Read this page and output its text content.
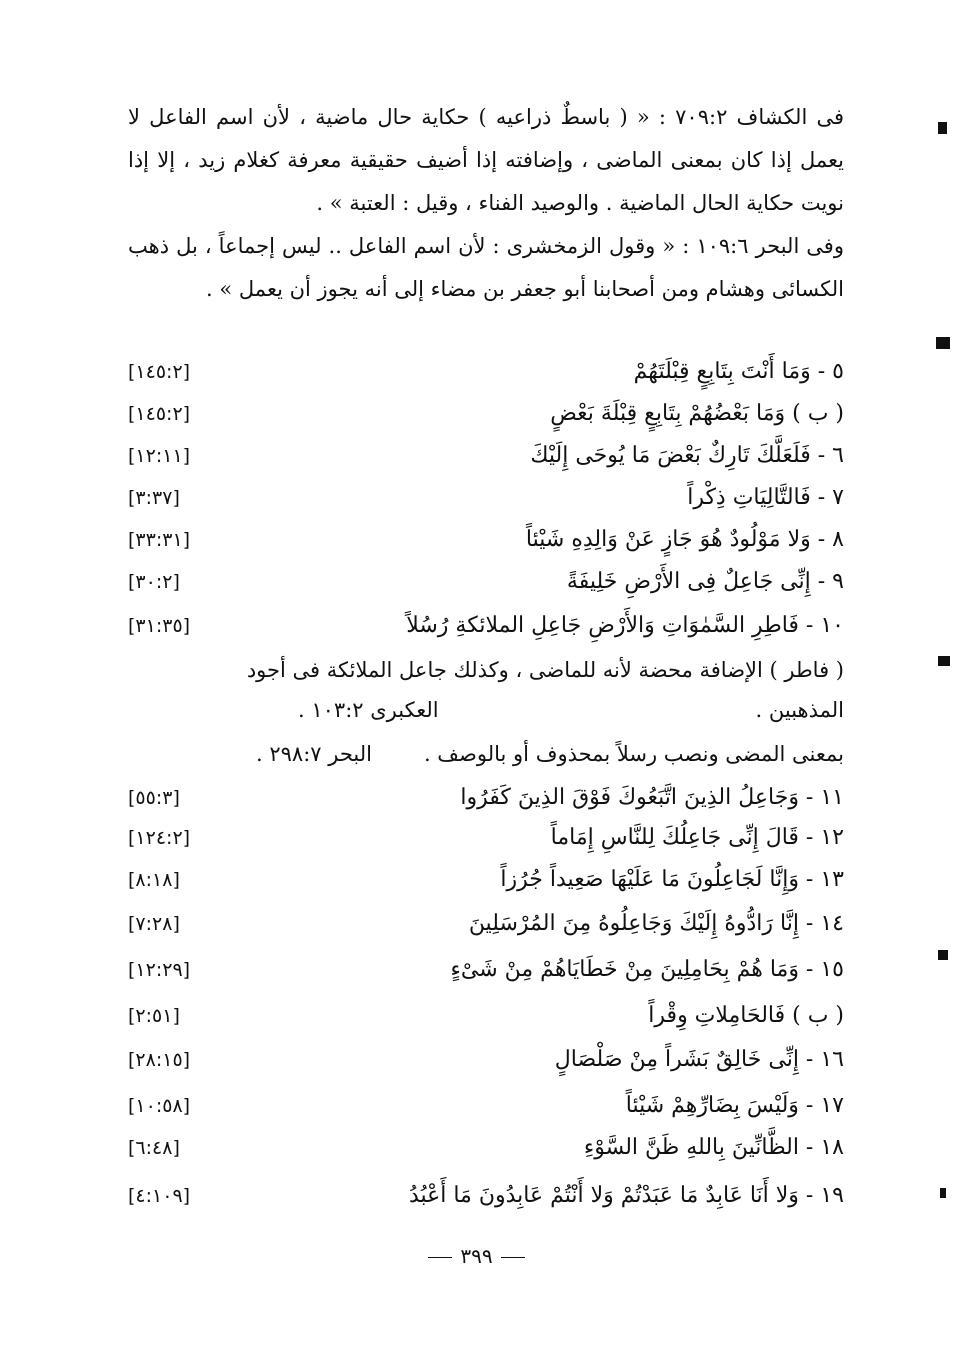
فى الكشاف ٧٠٩:٢ : « ( باسطٌ ذراعيه ) حكاية حال ماضية ، لأن اسم الفاعل لا يعمل إذا كان بمعنى الماضى ، وإضافته إذا أضيف حقيقية معرفة كغلام زيد ، إلا إذا نويت حكاية الحال الماضية . والوصيد الفناء ، وقيل : العتبة » .
وفى البحر ١٠٩:٦ : « وقول الزمخشرى : لأن اسم الفاعل .. ليس إجماعاً ، بل ذهب الكسائى وهشام ومن أصحابنا أبو جعفر بن مضاء إلى أنه يجوز أن يعمل » .
٥ - وَمَا أَنْتَ بِتَابِعٍ قِبْلَتَهُمْ
[١٤٥:٢]
( ب ) وَمَا بَعْضُهُمْ بِتَابِعٍ قِبْلَةَ بَعْضٍ
[١٤٥:٢]
٦ - فَلَعَلَّكَ تَارِكٌ بَعْضَ مَا يُوحَى إِلَيْكَ
[١٢:١١]
٧ - فَالتَّالِيَاتِ ذِكْراً
[٣:٣٧]
٨ - وَلا مَوْلُودٌ هُوَ جَازٍ عَنْ وَالِدِهِ شَيْئاً
[٣٣:٣١]
٩ - إِنِّى جَاعِلٌ فِى الأَرْضِ خَلِيفَةً
[٣٠:٢]
١٠ - فَاطِرِ السَّمٰوَاتِ وَالأَرْضِ جَاعِلِ الملائكةِ رُسُلاً
[٣١:٣٥]
( فاطر ) الإضافة محضة لأنه للماضى ، وكذلك جاعل الملائكة فى أجود
المذهبين .
العكبرى ١٠٣:٢ .
بمعنى المضى ونصب رسلاً بمحذوف أو بالوصف .
البحر ٢٩٨:٧ .
١١ - وَجَاعِلُ الذِينَ اتَّبَعُوكَ فَوْقَ الذِينَ كَفَرُوا
[٥٥:٣]
١٢ - قَالَ إِنِّى جَاعِلُكَ لِلنَّاسِ إِمَاماً
[١٢٤:٢]
١٣ - وَإِنَّا لَجَاعِلُونَ مَا عَلَيْهَا صَعِيداً جُرُزاً
[٨:١٨]
١٤ - إِنَّا رَادُّوهُ إِلَيْكَ وَجَاعِلُوهُ مِنَ المُرْسَلِينَ
[٧:٢٨]
١٥ - وَمَا هُمْ بِحَامِلِينَ مِنْ خَطَايَاهُمْ مِنْ شَىْءٍ
[١٢:٢٩]
( ب ) فَالحَامِلاتِ وِقْراً
[٢:٥١]
١٦ - إِنِّى خَالِقٌ بَشَراً مِنْ صَلْصَالٍ
[٢٨:١٥]
١٧ - وَلَيْسَ بِضَارِّهِمْ شَيْئاً
[١٠:٥٨]
١٨ - الظَّانِّينَ بِاللهِ ظَنَّ السَّوْءِ
[٦:٤٨]
١٩ - وَلا أَنَا عَابِدٌ مَا عَبَدْتُمْ وَلا أَنْتُمْ عَابِدُونَ مَا أَعْبُدُ
[٤:١٠٩]
٣٩٩
